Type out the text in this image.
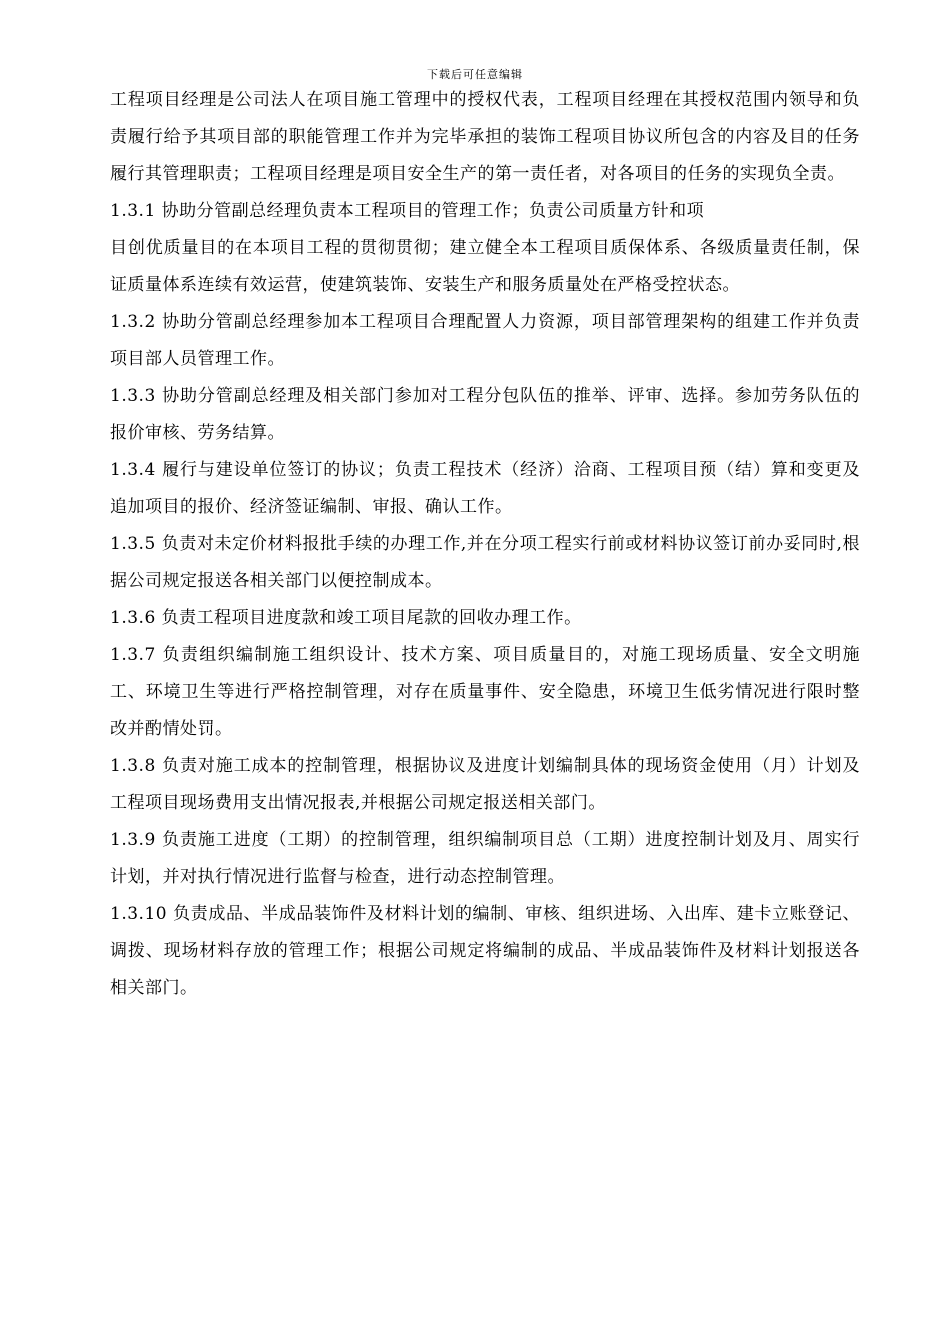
下载后可任意编辑

工程项目经理是公司法人在项目施工管理中的授权代表，工程项目经理在其授权范围内领导和负责履行给予其项目部的职能管理工作并为完毕承担的装饰工程项目协议所包含的内容及目的任务履行其管理职责；工程项目经理是项目安全生产的第一责任者，对各项目的任务的实现负全责。

1.3.1 协助分管副总经理负责本工程项目的管理工作；负责公司质量方针和项

目创优质量目的在本项目工程的贯彻贯彻；建立健全本工程项目质保体系、各级质量责任制，保证质量体系连续有效运营，使建筑装饰、安装生产和服务质量处在严格受控状态。

1.3.2 协助分管副总经理参加本工程项目合理配置人力资源，项目部管理架构的组建工作并负责项目部人员管理工作。

1.3.3 协助分管副总经理及相关部门参加对工程分包队伍的推举、评审、选择。参加劳务队伍的报价审核、劳务结算。

1.3.4 履行与建设单位签订的协议；负责工程技术（经济）洽商、工程项目预（结）算和变更及追加项目的报价、经济签证编制、审报、确认工作。

1.3.5 负责对未定价材料报批手续的办理工作,并在分项工程实行前或材料协议签订前办妥同时,根据公司规定报送各相关部门以便控制成本。

1.3.6 负责工程项目进度款和竣工项目尾款的回收办理工作。

1.3.7 负责组织编制施工组织设计、技术方案、项目质量目的，对施工现场质量、安全文明施工、环境卫生等进行严格控制管理，对存在质量事件、安全隐患，环境卫生低劣情况进行限时整改并酌情处罚。

1.3.8 负责对施工成本的控制管理，根据协议及进度计划编制具体的现场资金使用（月）计划及工程项目现场费用支出情况报表,并根据公司规定报送相关部门。

1.3.9 负责施工进度（工期）的控制管理，组织编制项目总（工期）进度控制计划及月、周实行计划，并对执行情况进行监督与检查，进行动态控制管理。

1.3.10 负责成品、半成品装饰件及材料计划的编制、审核、组织进场、入出库、建卡立账登记、调拨、现场材料存放的管理工作；根据公司规定将编制的成品、半成品装饰件及材料计划报送各相关部门。
